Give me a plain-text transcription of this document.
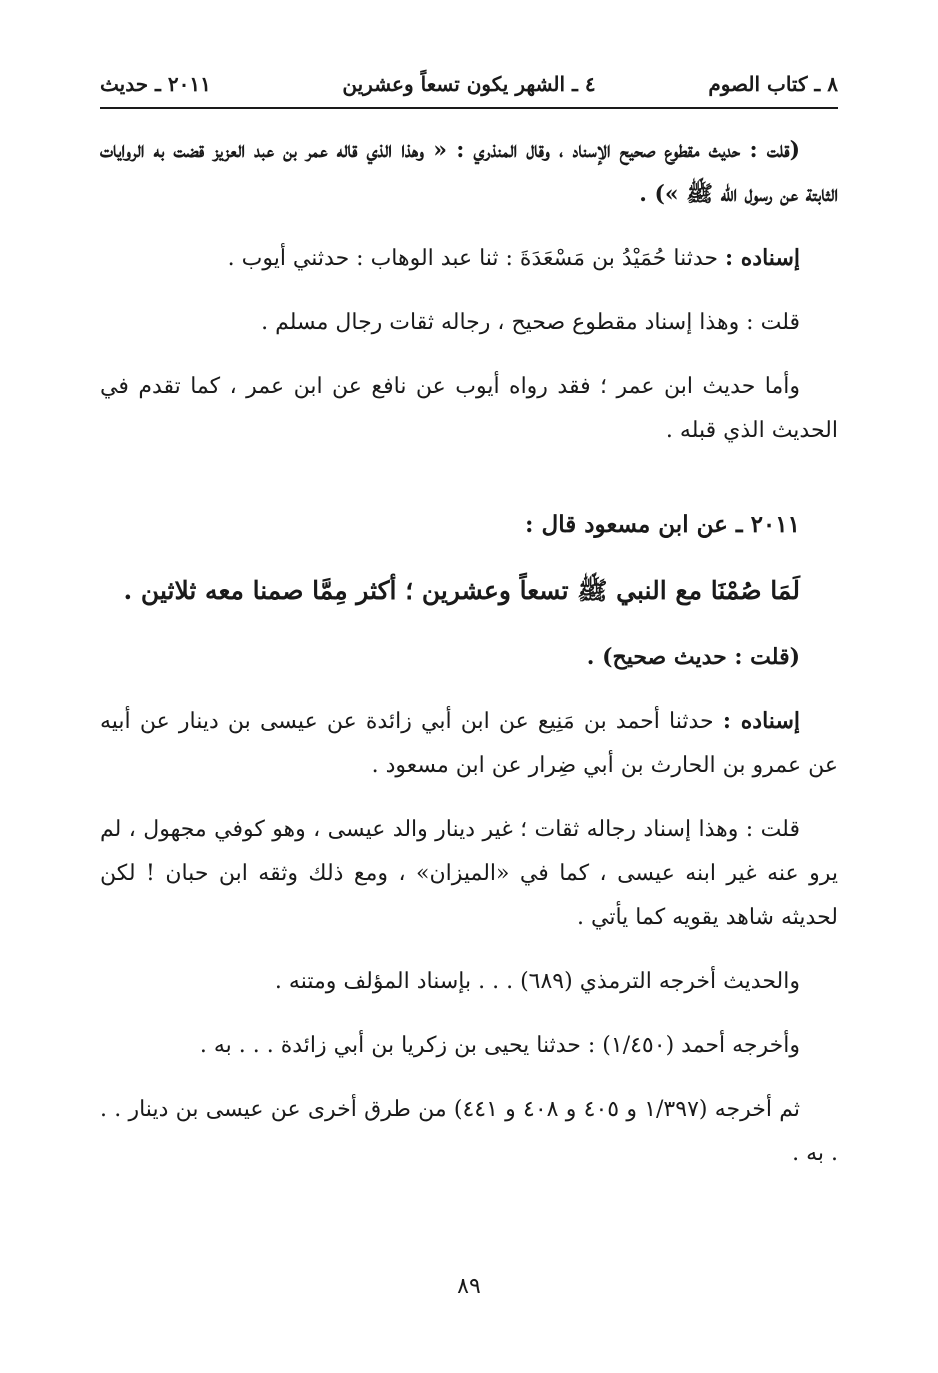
٨ ـ كتاب الصوم
٤ ـ الشهر يكون تسعاً وعشرين
٢٠١١ ـ حديث

(قلت : حديث مقطوع صحيح الإسناد ، وقال المنذري : « وهذا الذي قاله عمر بن عبد العزيز قضت به الروايات الثابتة عن رسول الله ﷺ ») .

إسناده : حدثنا حُمَيْدُ بن مَسْعَدَةَ : ثنا عبد الوهاب : حدثني أيوب .

قلت : وهذا إسناد مقطوع صحيح ، رجاله ثقات رجال مسلم .

وأما حديث ابن عمر ؛ فقد رواه أيوب عن نافع عن ابن عمر ، كما تقدم في الحديث الذي قبله .

٢٠١١ ـ عن ابن مسعود قال :

لَمَا صُمْنَا مع النبي ﷺ تسعاً وعشرين ؛ أكثر مِمَّا صمنا معه ثلاثين .

(قلت : حديث صحيح) .

إسناده : حدثنا أحمد بن مَنِيع عن ابن أبي زائدة عن عيسى بن دينار عن أبيه عن عمرو بن الحارث بن أبي ضِرار عن ابن مسعود .

قلت : وهذا إسناد رجاله ثقات ؛ غير دينار والد عيسى ، وهو كوفي مجهول ، لم يرو عنه غير ابنه عيسى ، كما في «الميزان» ، ومع ذلك وثقه ابن حبان ! لكن لحديثه شاهد يقويه كما يأتي .

والحديث أخرجه الترمذي (٦٨٩) . . . بإسناد المؤلف ومتنه .

وأخرجه أحمد (١/٤٥٠) : حدثنا يحيى بن زكريا بن أبي زائدة . . . به .

ثم أخرجه (١/٣٩٧ و ٤٠٥ و ٤٠٨ و ٤٤١) من طرق أخرى عن عيسى بن دينار . . . به .

٨٩
